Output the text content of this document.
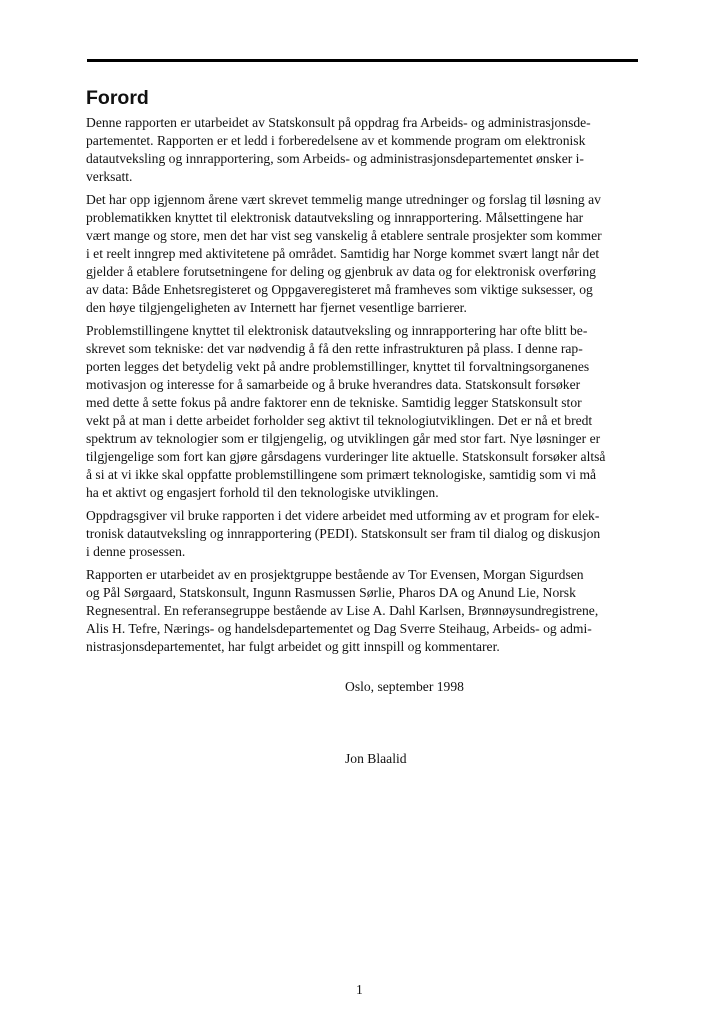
Forord

Denne rapporten er utarbeidet av Statskonsult på oppdrag fra Arbeids- og administrasjonsde-
partementet. Rapporten er et ledd i forberedelsene av et kommende program om elektronisk
datautveksling og innrapportering, som Arbeids- og administrasjonsdepartementet ønsker i-
verksatt.

Det har opp igjennom årene vært skrevet temmelig mange utredninger og forslag til løsning av
problematikken knyttet til elektronisk datautveksling og innrapportering. Målsettingene har
vært mange og store, men det har vist seg vanskelig å etablere sentrale prosjekter som kommer
i et reelt inngrep med aktivitetene på området. Samtidig har Norge kommet svært langt når det
gjelder å etablere forutsetningene for deling og gjenbruk av data og for elektronisk overføring
av data: Både Enhetsregisteret og Oppgaveregisteret må framheves som viktige suksesser, og
den høye tilgjengeligheten av Internett har fjernet vesentlige barrierer.

Problemstillingene knyttet til elektronisk datautveksling og innrapportering har ofte blitt be-
skrevet som tekniske: det var nødvendig å få den rette infrastrukturen på plass. I denne rap-
porten legges det betydelig vekt på andre problemstillinger, knyttet til forvaltningsorganenes
motivasjon og interesse for å samarbeide og å bruke hverandres data. Statskonsult forsøker
med dette å sette fokus på andre faktorer enn de tekniske. Samtidig legger Statskonsult stor
vekt på at man i dette arbeidet forholder seg aktivt til teknologiutviklingen. Det er nå et bredt
spektrum av teknologier som er tilgjengelig, og utviklingen går med stor fart. Nye løsninger er
tilgjengelige som fort kan gjøre gårsdagens vurderinger lite aktuelle. Statskonsult forsøker altså
å si at vi ikke skal oppfatte problemstillingene som primært teknologiske, samtidig som vi må
ha et aktivt og engasjert forhold til den teknologiske utviklingen.

Oppdragsgiver vil bruke rapporten i det videre arbeidet med utforming av et program for elek-
tronisk datautveksling og innrapportering (PEDI). Statskonsult ser fram til dialog og diskusjon
i denne prosessen.

Rapporten er utarbeidet av en prosjektgruppe bestående av Tor Evensen, Morgan Sigurdsen
og Pål Sørgaard, Statskonsult, Ingunn Rasmussen Sørlie, Pharos DA og Anund Lie, Norsk
Regnesentral. En referansegruppe bestående av Lise A. Dahl Karlsen, Brønnøysundregistrene,
Alis H. Tefre, Nærings- og handelsdepartementet og Dag Sverre Steihaug, Arbeids- og admi-
nistrasjonsdepartementet, har fulgt arbeidet og gitt innspill og kommentarer.

Oslo, september 1998
Jon Blaalid
1
